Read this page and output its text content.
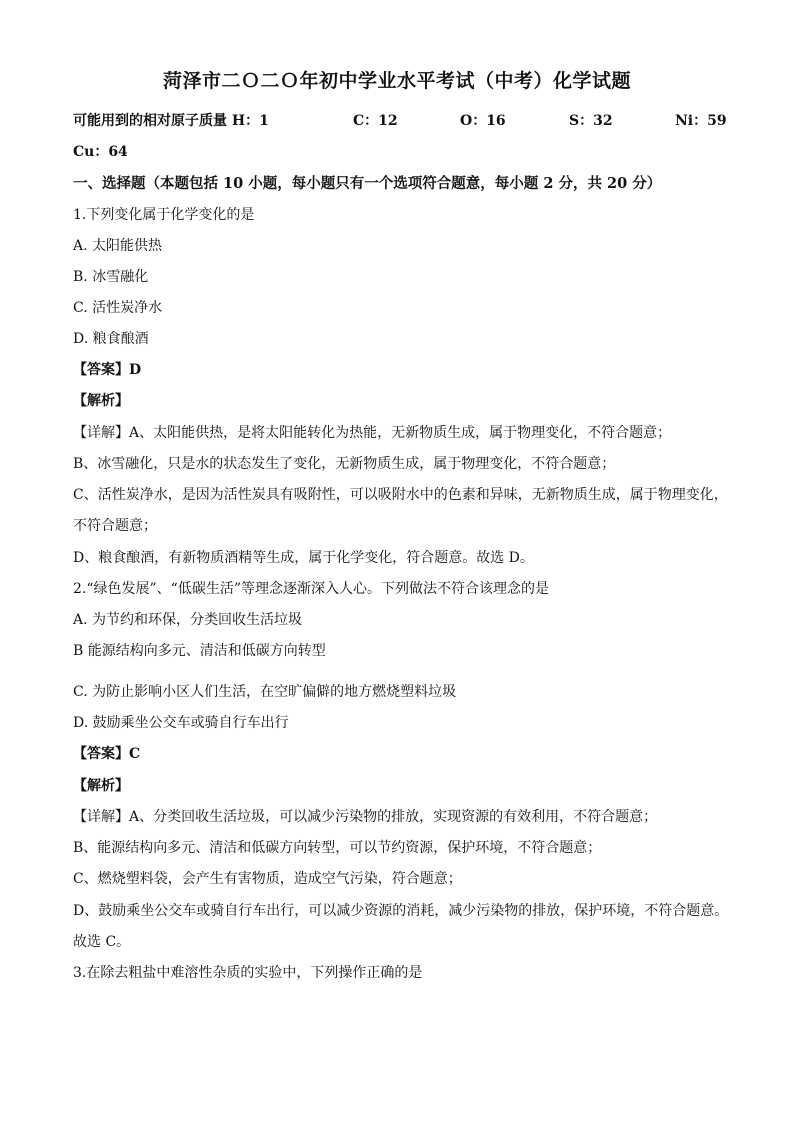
菏泽市二Ｏ二Ｏ年初中学业水平考试（中考）化学试题
可能用到的相对原子质量 H：1	C：12	O：16	S：32	Ni：59
Cu：64
一、选择题（本题包括 10 小题，每小题只有一个选项符合题意，每小题 2 分，共 20 分）
1.下列变化属于化学变化的是
A. 太阳能供热
B. 冰雪融化
C. 活性炭净水
D. 粮食酿酒
【答案】D
【解析】
【详解】A、太阳能供热，是将太阳能转化为热能，无新物质生成，属于物理变化，不符合题意；
B、冰雪融化，只是水的状态发生了变化，无新物质生成，属于物理变化，不符合题意；
C、活性炭净水，是因为活性炭具有吸附性，可以吸附水中的色素和异味，无新物质生成，属于物理变化，
不符合题意；
D、粮食酿酒，有新物质酒精等生成，属于化学变化，符合题意。故选 D。
2.“绿色发展”、“低碳生活”等理念逐渐深入人心。下列做法不符合该理念的是
A. 为节约和环保，分类回收生活垃圾
B 能源结构向多元、清洁和低碳方向转型
C. 为防止影响小区人们生活，在空旷偏僻的地方燃烧塑料垃圾
D. 鼓励乘坐公交车或骑自行车出行
【答案】C
【解析】
【详解】A、分类回收生活垃圾，可以减少污染物的排放，实现资源的有效利用，不符合题意；
B、能源结构向多元、清洁和低碳方向转型，可以节约资源，保护环境，不符合题意；
C、燃烧塑料袋，会产生有害物质，造成空气污染，符合题意；
D、鼓励乘坐公交车或骑自行车出行，可以减少资源的消耗，减少污染物的排放，保护环境，不符合题意。
故选 C。
3.在除去粗盐中难溶性杂质的实验中，下列操作正确的是
